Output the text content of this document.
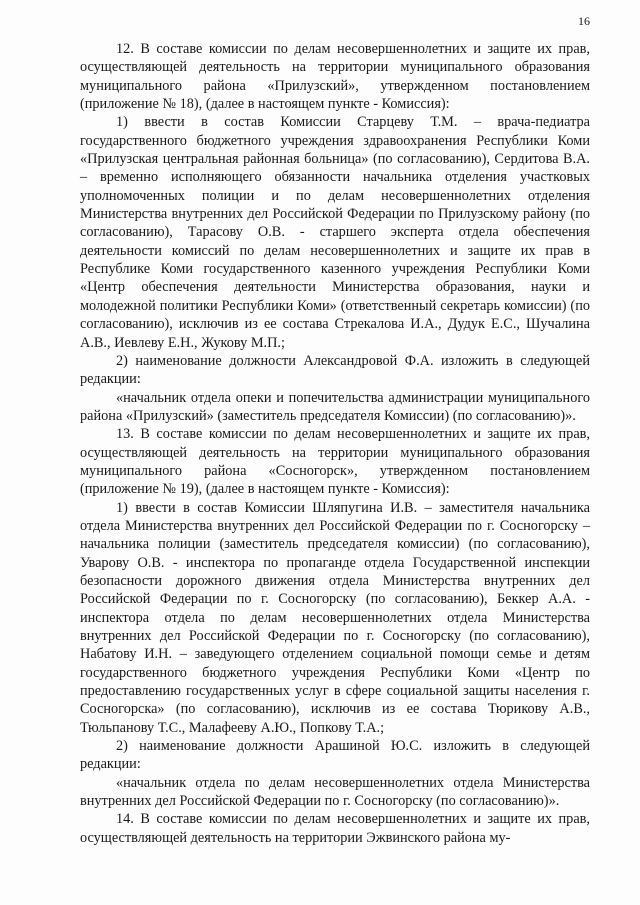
16

12. В составе комиссии по делам несовершеннолетних и защите их прав, осуществляющей деятельность на территории муниципального образования муниципального района «Прилузский», утвержденном постановлением (приложение № 18), (далее в настоящем пункте - Комиссия):

1) ввести в состав Комиссии Старцеву Т.М. – врача-педиатра государственного бюджетного учреждения здравоохранения Республики Коми «Прилузская центральная районная больница» (по согласованию), Сердитова В.А. – временно исполняющего обязанности начальника отделения участковых уполномоченных полиции и по делам несовершеннолетних отделения Министерства внутренних дел Российской Федерации по Прилузскому району (по согласованию), Тарасову О.В. - старшего эксперта отдела обеспечения деятельности комиссий по делам несовершеннолетних и защите их прав в Республике Коми государственного казенного учреждения Республики Коми «Центр обеспечения деятельности Министерства образования, науки и молодежной политики Республики Коми» (ответственный секретарь комиссии) (по согласованию), исключив из ее состава Стрекалова И.А., Дудук Е.С., Шучалина А.В., Иевлеву Е.Н., Жукову М.П.;

2) наименование должности Александровой Ф.А. изложить в следующей редакции:

«начальник отдела опеки и попечительства администрации муниципального района «Прилузский» (заместитель председателя Комиссии) (по согласованию)».

13. В составе комиссии по делам несовершеннолетних и защите их прав, осуществляющей деятельность на территории муниципального образования муниципального района «Сосногорск», утвержденном постановлением (приложение № 19), (далее в настоящем пункте - Комиссия):

1) ввести в состав Комиссии Шляпугина И.В. – заместителя начальника отдела Министерства внутренних дел Российской Федерации по г. Сосногорску – начальника полиции (заместитель председателя комиссии) (по согласованию), Уварову О.В. - инспектора по пропаганде отдела Государственной инспекции безопасности дорожного движения отдела Министерства внутренних дел Российской Федерации по г. Сосногорску (по согласованию), Беккер А.А. - инспектора отдела по делам несовершеннолетних отдела Министерства внутренних дел Российской Федерации по г. Сосногорску (по согласованию), Набатову И.Н. – заведующего отделением социальной помощи семье и детям государственного бюджетного учреждения Республики Коми «Центр по предоставлению государственных услуг в сфере социальной защиты населения г. Сосногорска» (по согласованию), исключив из ее состава Тюрикову А.В., Тюльпанову Т.С., Малафееву А.Ю., Попкову Т.А.;

2) наименование должности Арашиной Ю.С. изложить в следующей редакции:

«начальник отдела по делам несовершеннолетних отдела Министерства внутренних дел Российской Федерации по г. Сосногорску (по согласованию)».

14. В составе комиссии по делам несовершеннолетних и защите их прав, осуществляющей деятельность на территории Эжвинского района му-
